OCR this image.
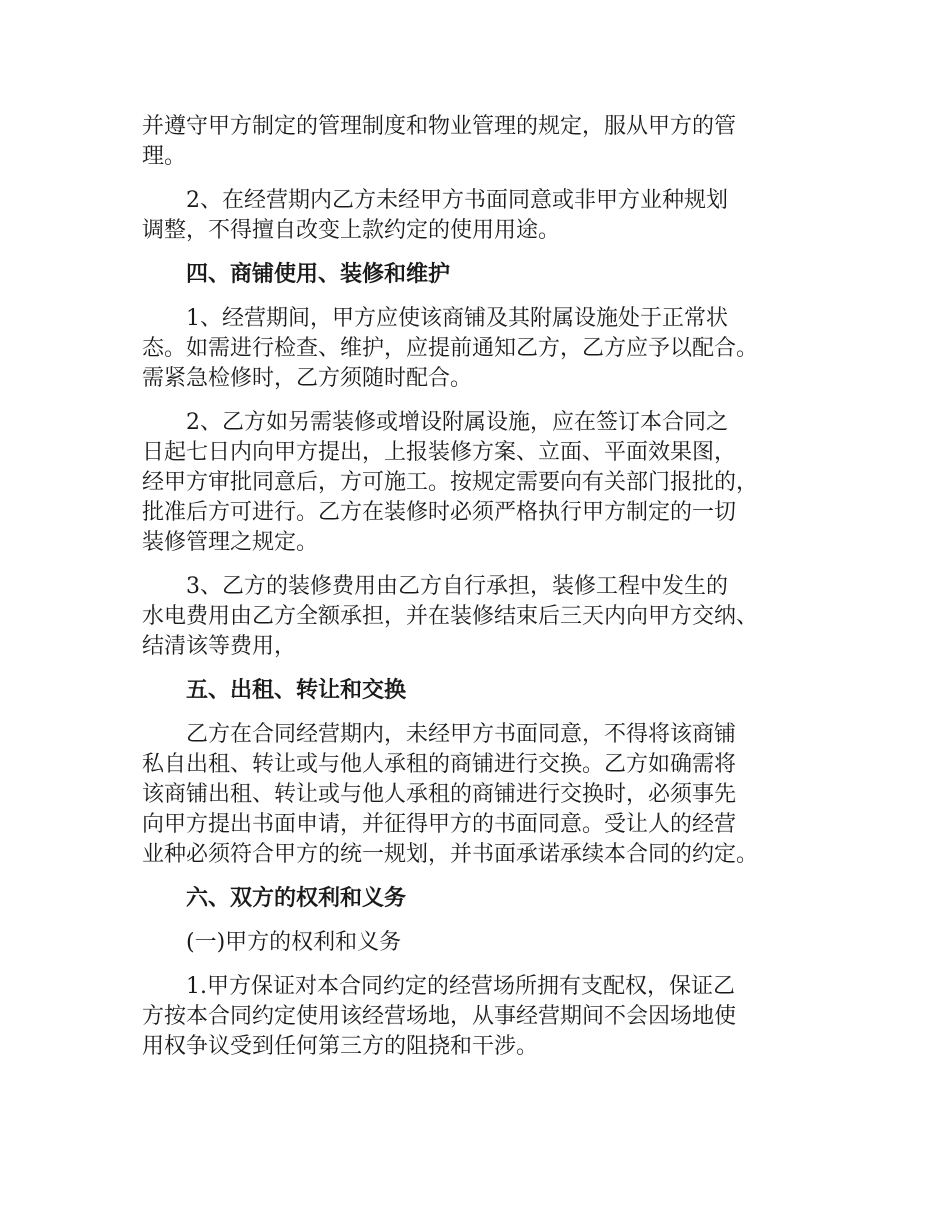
并遵守甲方制定的管理制度和物业管理的规定，服从甲方的管
理。
2、在经营期内乙方未经甲方书面同意或非甲方业种规划
调整，不得擅自改变上款约定的使用用途。
四、商铺使用、装修和维护
1、经营期间，甲方应使该商铺及其附属设施处于正常状
态。如需进行检查、维护，应提前通知乙方，乙方应予以配合。
需紧急检修时，乙方须随时配合。
2、乙方如另需装修或增设附属设施，应在签订本合同之
日起七日内向甲方提出，上报装修方案、立面、平面效果图，
经甲方审批同意后，方可施工。按规定需要向有关部门报批的，
批准后方可进行。乙方在装修时必须严格执行甲方制定的一切
装修管理之规定。
3、乙方的装修费用由乙方自行承担，装修工程中发生的
水电费用由乙方全额承担，并在装修结束后三天内向甲方交纳、
结清该等费用，
五、出租、转让和交换
乙方在合同经营期内，未经甲方书面同意，不得将该商铺
私自出租、转让或与他人承租的商铺进行交换。乙方如确需将
该商铺出租、转让或与他人承租的商铺进行交换时，必须事先
向甲方提出书面申请，并征得甲方的书面同意。受让人的经营
业种必须符合甲方的统一规划，并书面承诺承续本合同的约定。
六、双方的权利和义务
(一)甲方的权利和义务
1.甲方保证对本合同约定的经营场所拥有支配权，保证乙
方按本合同约定使用该经营场地，从事经营期间不会因场地使
用权争议受到任何第三方的阻挠和干涉。
